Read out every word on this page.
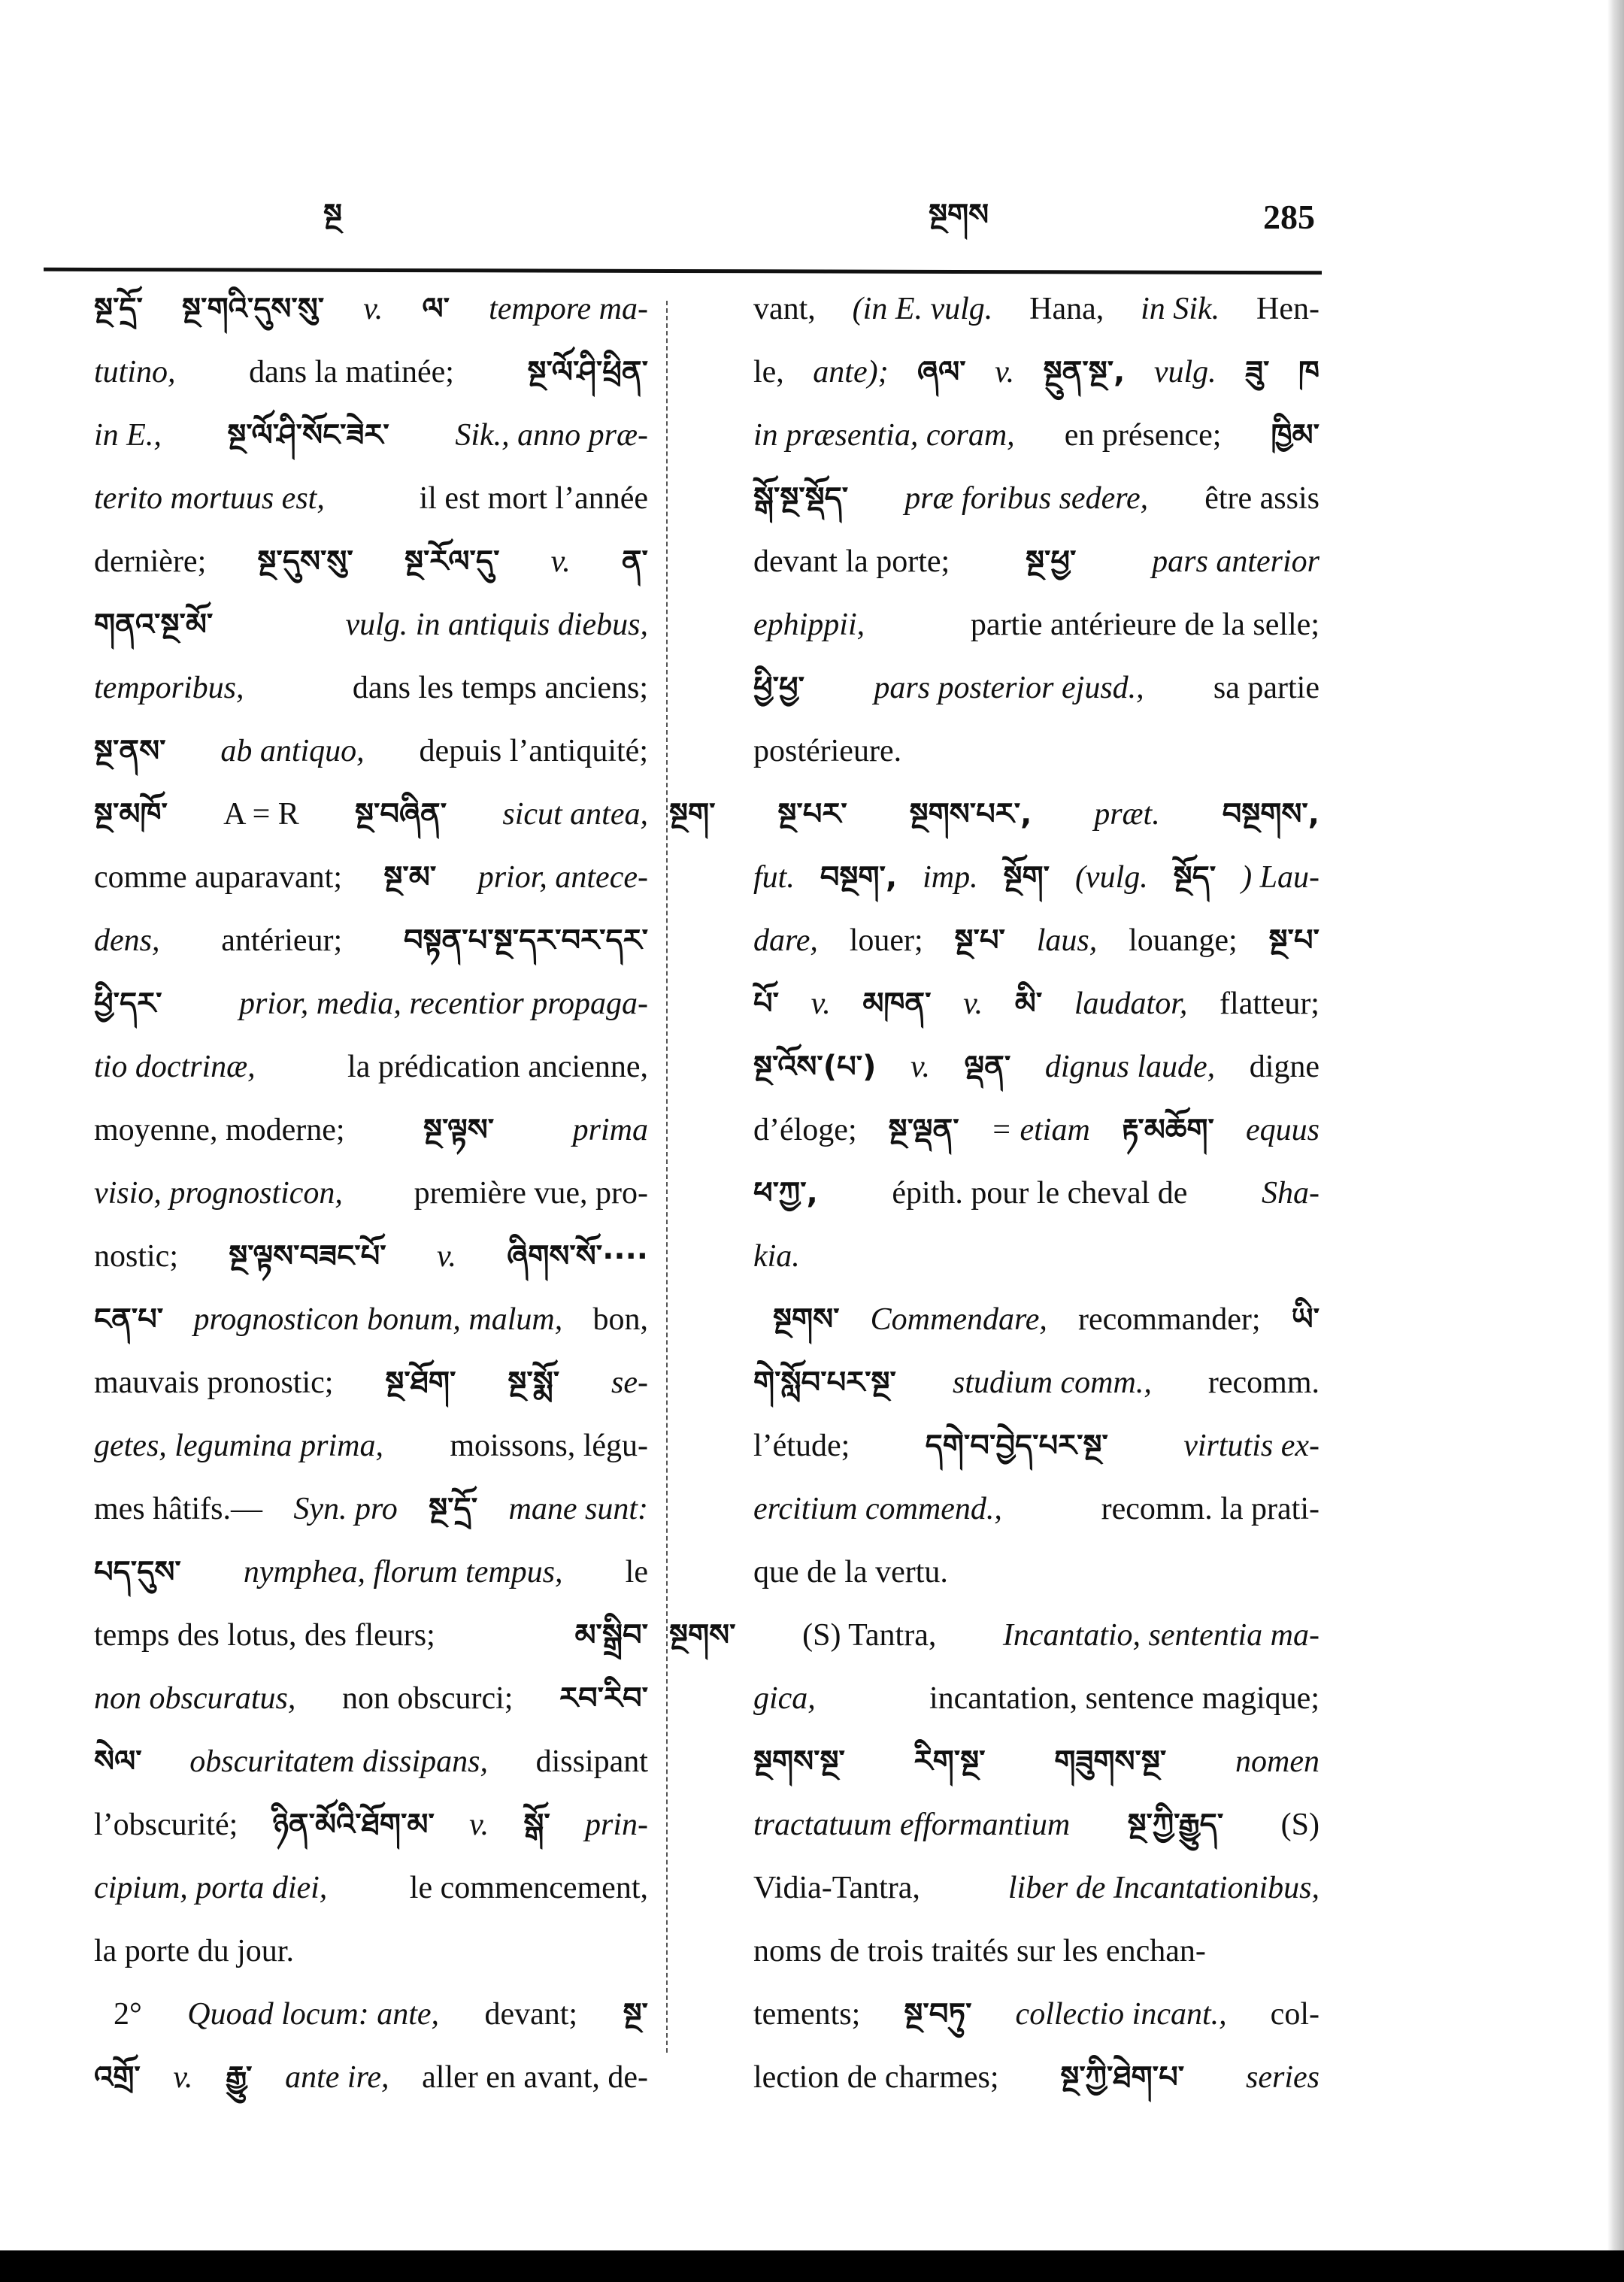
སྔ	སྔགས	285
སྔ་དྲོ་ སྔ་གའི་དུས་སུ་ v. ལ་ tempore ma-
tutino, dans la matinée; སྔ་ལོ་ཤི་ཕྲིན་
in E., སྔ་ལོ་ཤི་སོང་ཟེར་ Sik., anno præ-
terito mortuus est,	il est mort l’année
dernière; སྔ་དུས་སུ་ སྔ་རོལ་དུ་ v. ན་
གནའ་སྔ་མོ་	vulg. in antiquis diebus,
temporibus,	dans les temps anciens;
སྔ་ནས་ ab antiquo, depuis l’antiquité;
སྔ་མཁོ་ A = R སྔ་བཞིན་ sicut antea,
comme auparavant; སྔ་མ་ prior, antece-
dens, antérieur; བསྟན་པ་སྔ་དར་བར་དར་
ཕྱི་དར་ prior, media, recentior propaga-
tio doctrinæ,	la prédication ancienne,
moyenne, moderne;	སྔ་ལྟས་ prima
visio, prognosticon, première vue, pro-
nostic; སྔ་ལྟས་བཟང་པོ་ v. ཞིགས་སོ་····
ངན་པ་ prognosticon bonum, malum, bon,
mauvais pronostic; སྔ་ཐོག་ སྔ་སྨོ་ se-
getes, legumina prima, moissons, légu-
mes hâtifs.— Syn. pro སྔ་དྲོ་ mane sunt:
པད་དུས་ nymphea, florum tempus, le
temps des lotus, des fleurs;	མ་སྒྲིབ་
non obscuratus, non obscurci; རབ་རིབ་
སེལ་ obscuritatem dissipans, dissipant
l’obscurité; ཉིན་མོའི་ཐོག་མ་ v. སྒོ་ prin-
cipium, porta diei,	le commencement,
la porte du jour.
2° Quoad locum: ante, devant; སྔ་
འགྲོ་ v. རྒྱུ་ ante ire, aller en avant, de-
vant, (in E. vulg. Hana, in Sik. Hen-
le, ante); ཞལ་ v. སྔུན་སྔ་, vulg. ཟུ་ ཁ
in præsentia, coram, en présence; ཁྱིམ་
སྒོ་སྔ་སྡོད་ præ foribus sedere, être assis
devant la porte;	སྔ་ཕྱ་ pars anterior
ephippii,	partie antérieure de la selle;
ཕྱི་ཕྱ་ pars posterior ejusd., sa partie
postérieure.
སྔག་ སྔ་པར་ སྔགས་པར་, præt. བསྔགས་,
fut. བསྔག་, imp. སྔོག་ (vulg. སྔོད་ ) Lau-
dare, louer; སྔ་པ་ laus, louange; སྔ་པ་
པོ་ v. མཁན་ v. མི་ laudator, flatteur;
སྔ་འོས་(པ་) v. ལྡན་ dignus laude, digne
d’éloge; སྔ་ལྡན་ = etiam རྟ་མཆོག་ equus
ཕ་ཀྱ་, épith. pour le cheval de Sha-
kia.
སྔགས་ Commendare, recommander; ཡི་
གེ་སློབ་པར་སྔ་ studium comm., recomm.
l’étude;	དགེ་བ་བྱེད་པར་སྔ་ virtutis ex-
ercitium commend.,	recomm. la prati-
que de la vertu.
སྔགས་ (S) Tantra, Incantatio, sententia ma-
gica,	incantation, sentence magique;
སྔགས་སྔ་ རིག་སྔ་ གཟུགས་སྔ་ nomen
tractatuum efformantium སྔ་ཀྱི་རྒྱུད་ (S)
Vidia-Tantra,	liber de Incantationibus,
noms de trois traités sur les enchan-
tements; སྔ་བཏུ་ collectio incant., col-
lection de charmes; སྔ་ཀྱི་ཐེག་པ་ series
